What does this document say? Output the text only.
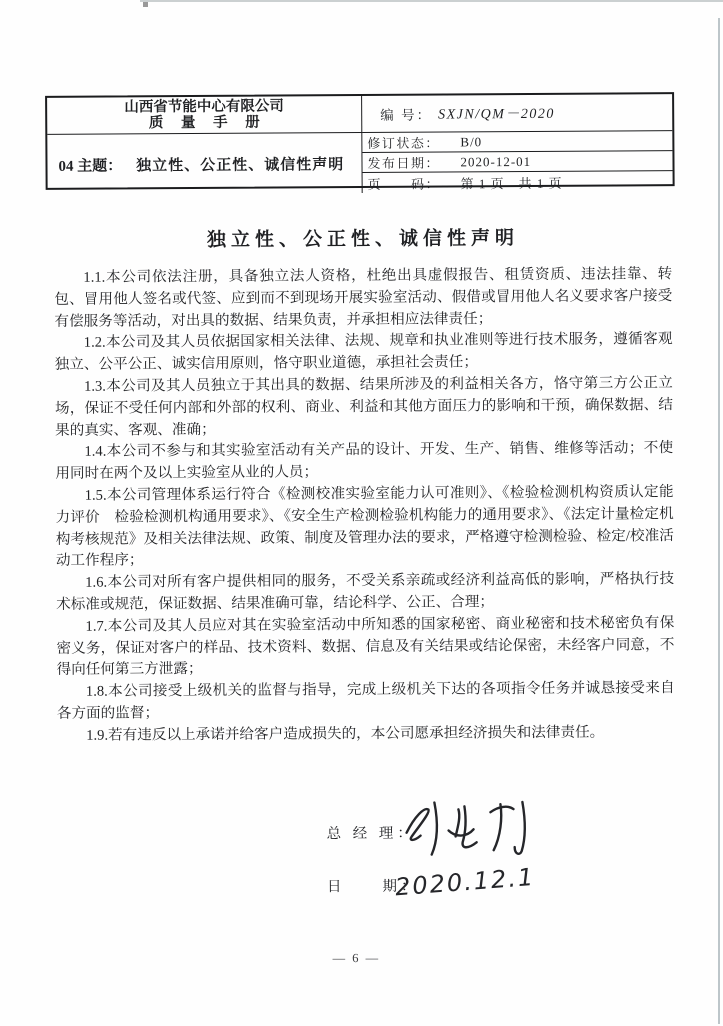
山西省节能中心有限公司
质 量 手 册	编 号： SXJN/QM－2020
04 主题： 独立性、公正性、诚信性声明
修订状态：	B/0
发布日期：	2020-12-01
页　　码：	第 1 页　共 1 页
独立性、公正性、诚信性声明

1.1.本公司依法注册，具备独立法人资格，杜绝出具虚假报告、租赁资质、违法挂靠、转包、冒用他人签名或代签、应到而不到现场开展实验室活动、假借或冒用他人名义要求客户接受有偿服务等活动，对出具的数据、结果负责，并承担相应法律责任；

1.2.本公司及其人员依据国家相关法律、法规、规章和执业准则等进行技术服务，遵循客观独立、公平公正、诚实信用原则，恪守职业道德，承担社会责任；

1.3.本公司及其人员独立于其出具的数据、结果所涉及的利益相关各方，恪守第三方公正立场，保证不受任何内部和外部的权利、商业、利益和其他方面压力的影响和干预，确保数据、结果的真实、客观、准确；

1.4.本公司不参与和其实验室活动有关产品的设计、开发、生产、销售、维修等活动；不使用同时在两个及以上实验室从业的人员；

1.5.本公司管理体系运行符合《检测校准实验室能力认可准则》、《检验检测机构资质认定能力评价　检验检测机构通用要求》、《安全生产检测检验机构能力的通用要求》、《法定计量检定机构考核规范》及相关法律法规、政策、制度及管理办法的要求，严格遵守检测检验、检定/校准活动工作程序；

1.6.本公司对所有客户提供相同的服务，不受关系亲疏或经济利益高低的影响，严格执行技术标准或规范，保证数据、结果准确可靠，结论科学、公正、合理；

1.7.本公司及其人员应对其在实验室活动中所知悉的国家秘密、商业秘密和技术秘密负有保密义务，保证对客户的样品、技术资料、数据、信息及有关结果或结论保密，未经客户同意，不得向任何第三方泄露；

1.8.本公司接受上级机关的监督与指导，完成上级机关下达的各项指令任务并诚恳接受来自各方面的监督；

1.9.若有违反以上承诺并给客户造成损失的，本公司愿承担经济损失和法律责任。

总 经 理：
日　　期：
2020.12.1
— 6 —
